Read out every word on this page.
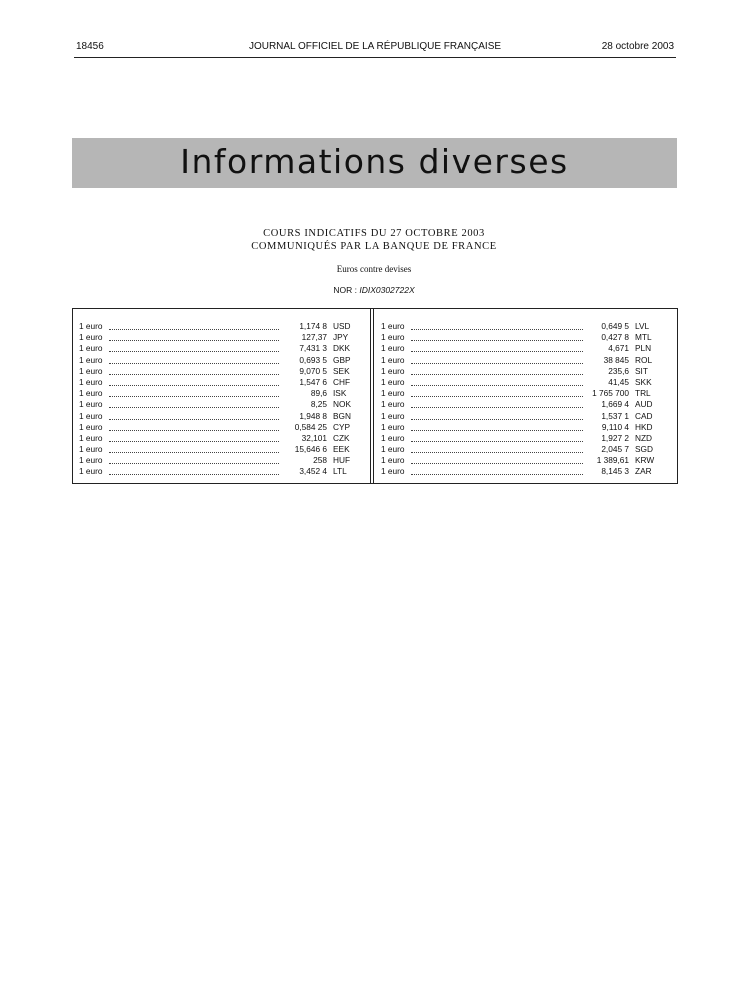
18456	JOURNAL OFFICIEL DE LA RÉPUBLIQUE FRANÇAISE	28 octobre 2003
Informations diverses
COURS INDICATIFS DU 27 OCTOBRE 2003
COMMUNIQUÉS PAR LA BANQUE DE FRANCE
Euros contre devises
NOR : IDIX0302722X
1 euro	1,174 8 USD
1 euro	127,37 JPY
1 euro	7,431 3 DKK
1 euro	0,693 5 GBP
1 euro	9,070 5 SEK
1 euro	1,547 6 CHF
1 euro	89,6 ISK
1 euro	8,25 NOK
1 euro	1,948 8 BGN
1 euro	0,584 25 CYP
1 euro	32,101 CZK
1 euro	15,646 6 EEK
1 euro	258 HUF
1 euro	3,452 4 LTL
1 euro	0,649 5 LVL
1 euro	0,427 8 MTL
1 euro	4,671 PLN
1 euro	38 845 ROL
1 euro	235,6 SIT
1 euro	41,45 SKK
1 euro	1 765 700 TRL
1 euro	1,669 4 AUD
1 euro	1,537 1 CAD
1 euro	9,110 4 HKD
1 euro	1,927 2 NZD
1 euro	2,045 7 SGD
1 euro	1 389,61 KRW
1 euro	8,145 3 ZAR
